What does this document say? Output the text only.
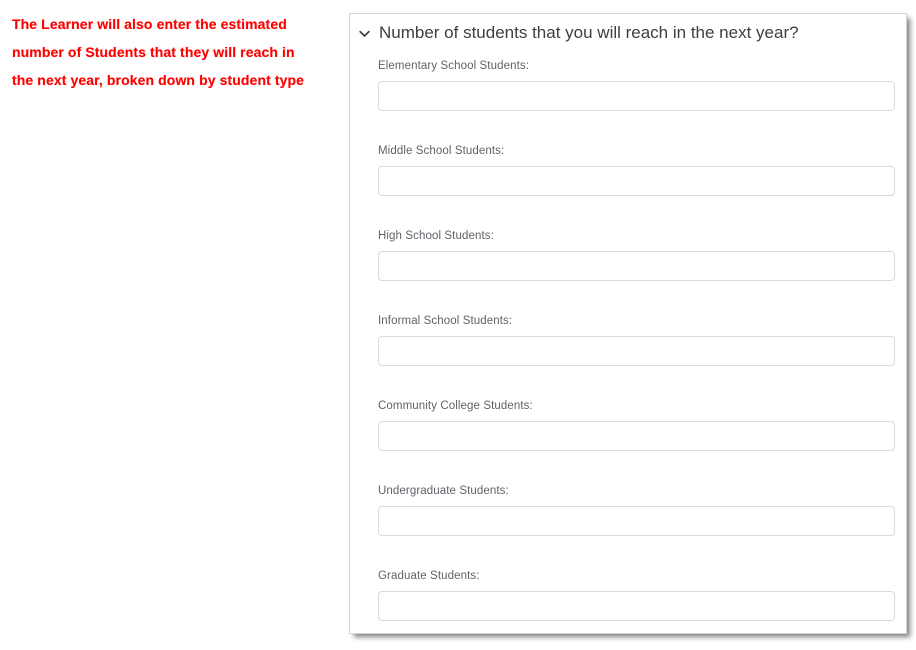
The Learner will also enter the estimated
number of Students that they will reach in
the next year, broken down by student type
Number of students that you will reach in the next year?
Elementary School Students:
Middle School Students:
High School Students:
Informal School Students:
Community College Students:
Undergraduate Students:
Graduate Students:
